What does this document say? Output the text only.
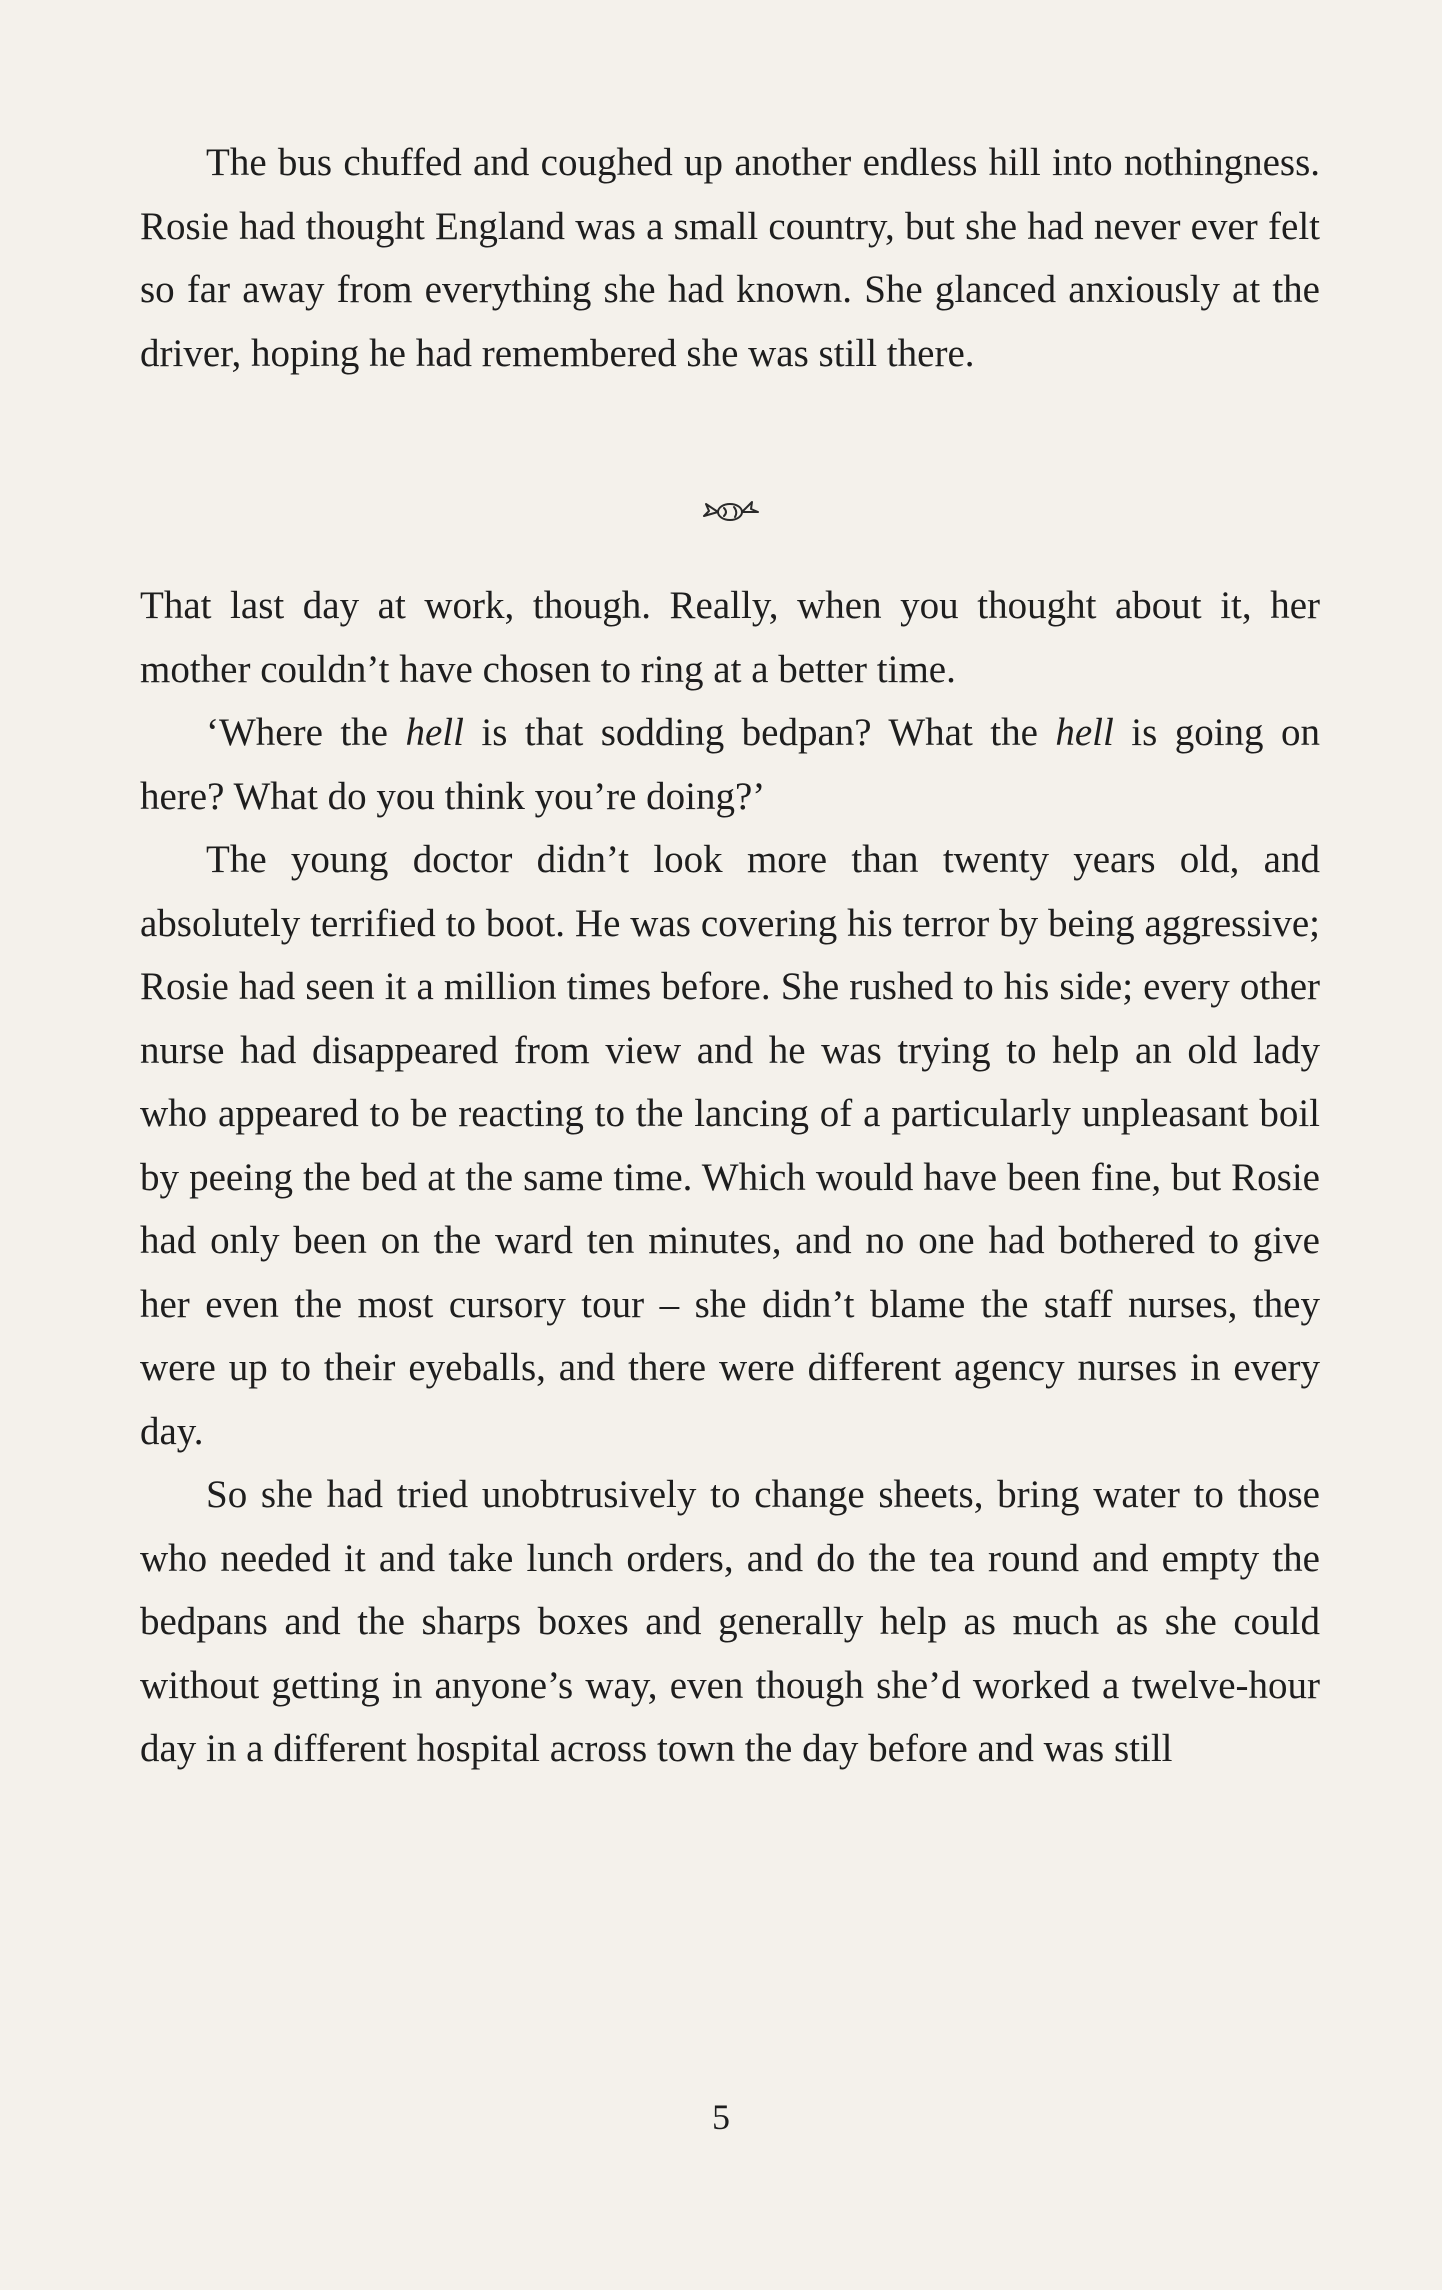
The bus chuffed and coughed up another endless hill into nothingness. Rosie had thought England was a small country, but she had never ever felt so far away from everything she had known. She glanced anxiously at the driver, hoping he had remembered she was still there.

That last day at work, though. Really, when you thought about it, her mother couldn’t have chosen to ring at a better time.

‘Where the hell is that sodding bedpan? What the hell is going on here? What do you think you’re doing?’

The young doctor didn’t look more than twenty years old, and absolutely terrified to boot. He was covering his terror by being aggressive; Rosie had seen it a million times before. She rushed to his side; every other nurse had disappeared from view and he was trying to help an old lady who appeared to be reacting to the lancing of a particularly unpleasant boil by peeing the bed at the same time. Which would have been fine, but Rosie had only been on the ward ten minutes, and no one had bothered to give her even the most cursory tour – she didn’t blame the staff nurses, they were up to their eyeballs, and there were different agency nurses in every day.

So she had tried unobtrusively to change sheets, bring water to those who needed it and take lunch orders, and do the tea round and empty the bedpans and the sharps boxes and generally help as much as she could without getting in anyone’s way, even though she’d worked a twelve-hour day in a different hospital across town the day before and was still

5
